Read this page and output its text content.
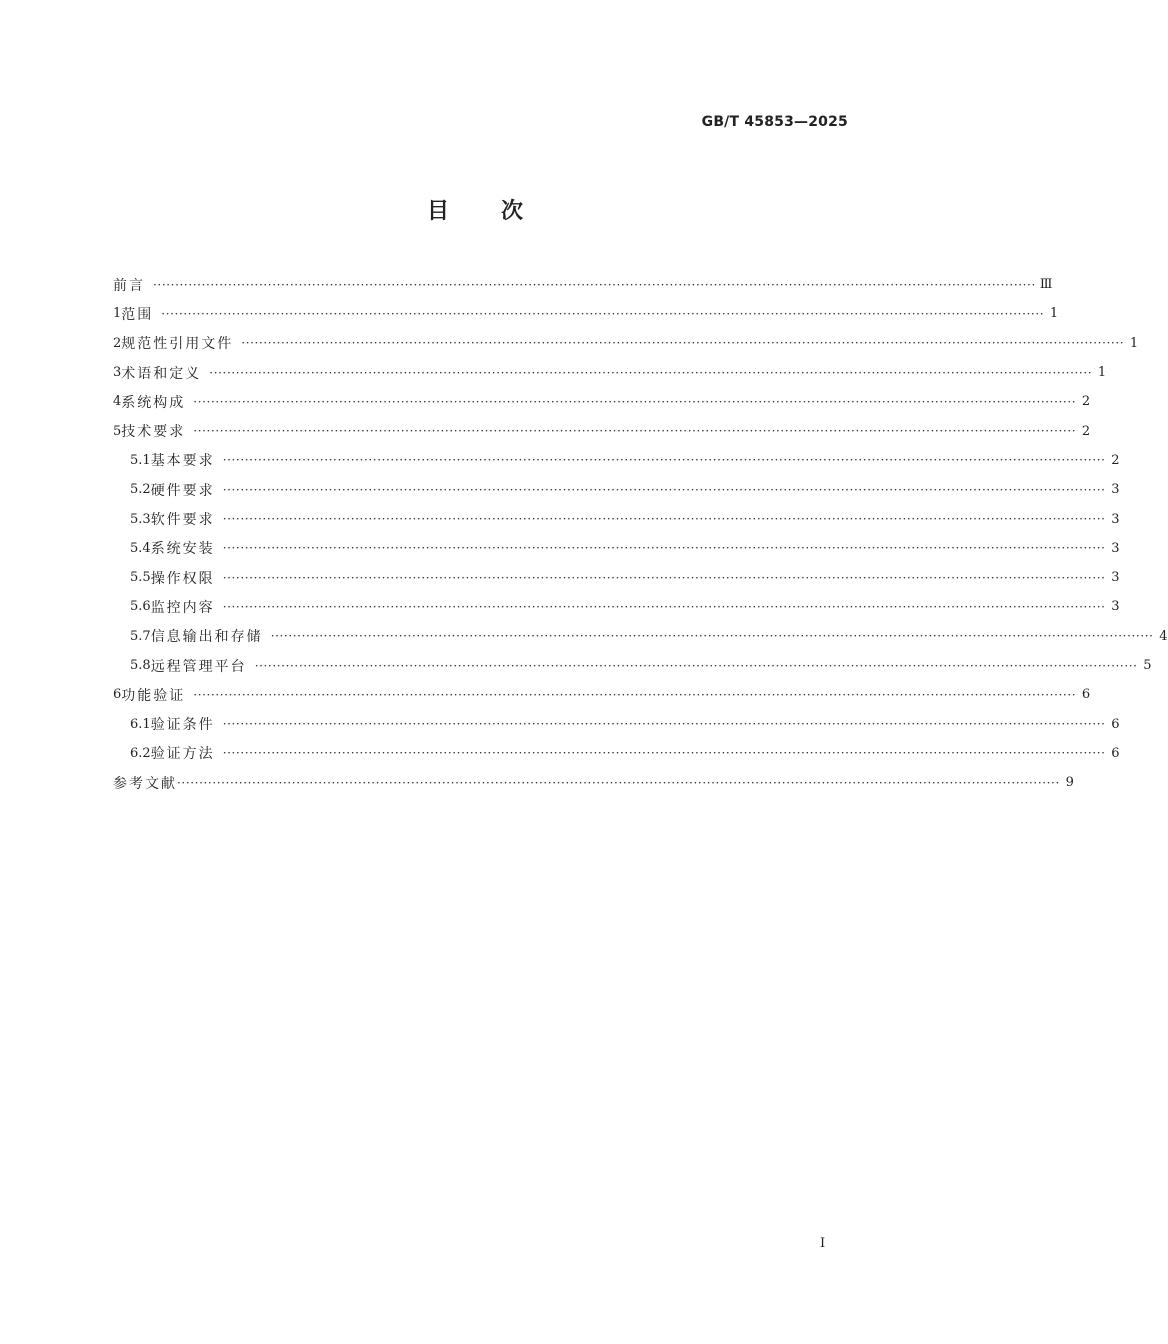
GB/T 45853—2025
目次
前言 ········································································································································································································ Ⅲ
1 范围 ········································································································································································································ 1
2 规范性引用文件 ········································································································································································································ 1
3 术语和定义 ········································································································································································································ 1
4 系统构成 ········································································································································································································ 2
5 技术要求 ········································································································································································································ 2
5.1 基本要求 ········································································································································································································ 2
5.2 硬件要求 ········································································································································································································ 3
5.3 软件要求 ········································································································································································································ 3
5.4 系统安装 ········································································································································································································ 3
5.5 操作权限 ········································································································································································································ 3
5.6 监控内容 ········································································································································································································ 3
5.7 信息输出和存储 ········································································································································································································ 4
5.8 远程管理平台 ········································································································································································································ 5
6 功能验证 ········································································································································································································ 6
6.1 验证条件 ········································································································································································································ 6
6.2 验证方法 ········································································································································································································ 6
参考文献 ········································································································································································································ 9
I
